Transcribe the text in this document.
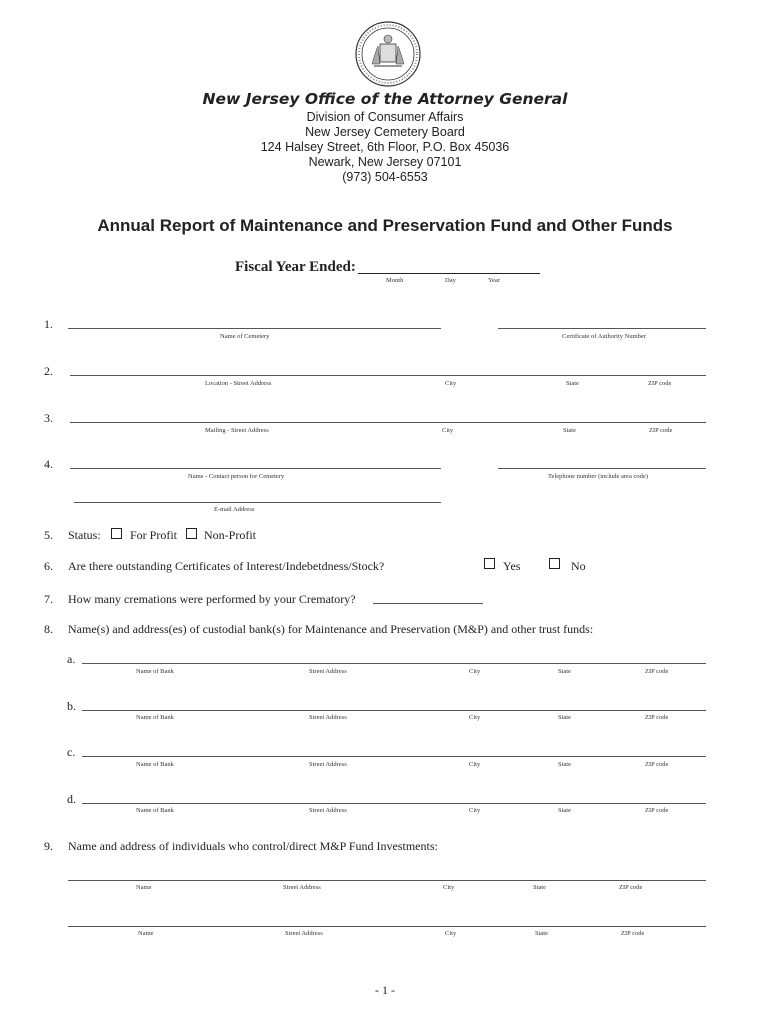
New Jersey Office of the Attorney General
Division of Consumer Affairs
New Jersey Cemetery Board
124 Halsey Street, 6th Floor, P.O. Box 45036
Newark, New Jersey 07101
(973) 504-6553
Annual Report of Maintenance and Preservation Fund and Other Funds
Fiscal Year Ended:
Month	Day	Year
1.
Name of Cemetery	Certificate of Authority Number
2.
Location - Street Address	City	State	ZIP code
3.
Mailing - Street Address	City	State	ZIP code
4.
Name - Contact person for Cemetery	Telephone number (include area code)
E-mail Address
5. Status: For Profit Non-Profit
6. Are there outstanding Certificates of Interest/Indebetdness/Stock?	Yes	No
7. How many cremations were performed by your Crematory?
8. Name(s) and address(es) of custodial bank(s) for Maintenance and Preservation (M&P) and other trust funds:
a.
Name of Bank	Street Address	City	State	ZIP code
b.
Name of Bank	Street Address	City	State	ZIP code
c.
Name of Bank	Street Address	City	State	ZIP code
d.
Name of Bank	Street Address	City	State	ZIP code
9. Name and address of individuals who control/direct M&P Fund Investments:
Name	Street Address	City	State	ZIP code
Name	Street Address	City	State	ZIP code
- 1 -
